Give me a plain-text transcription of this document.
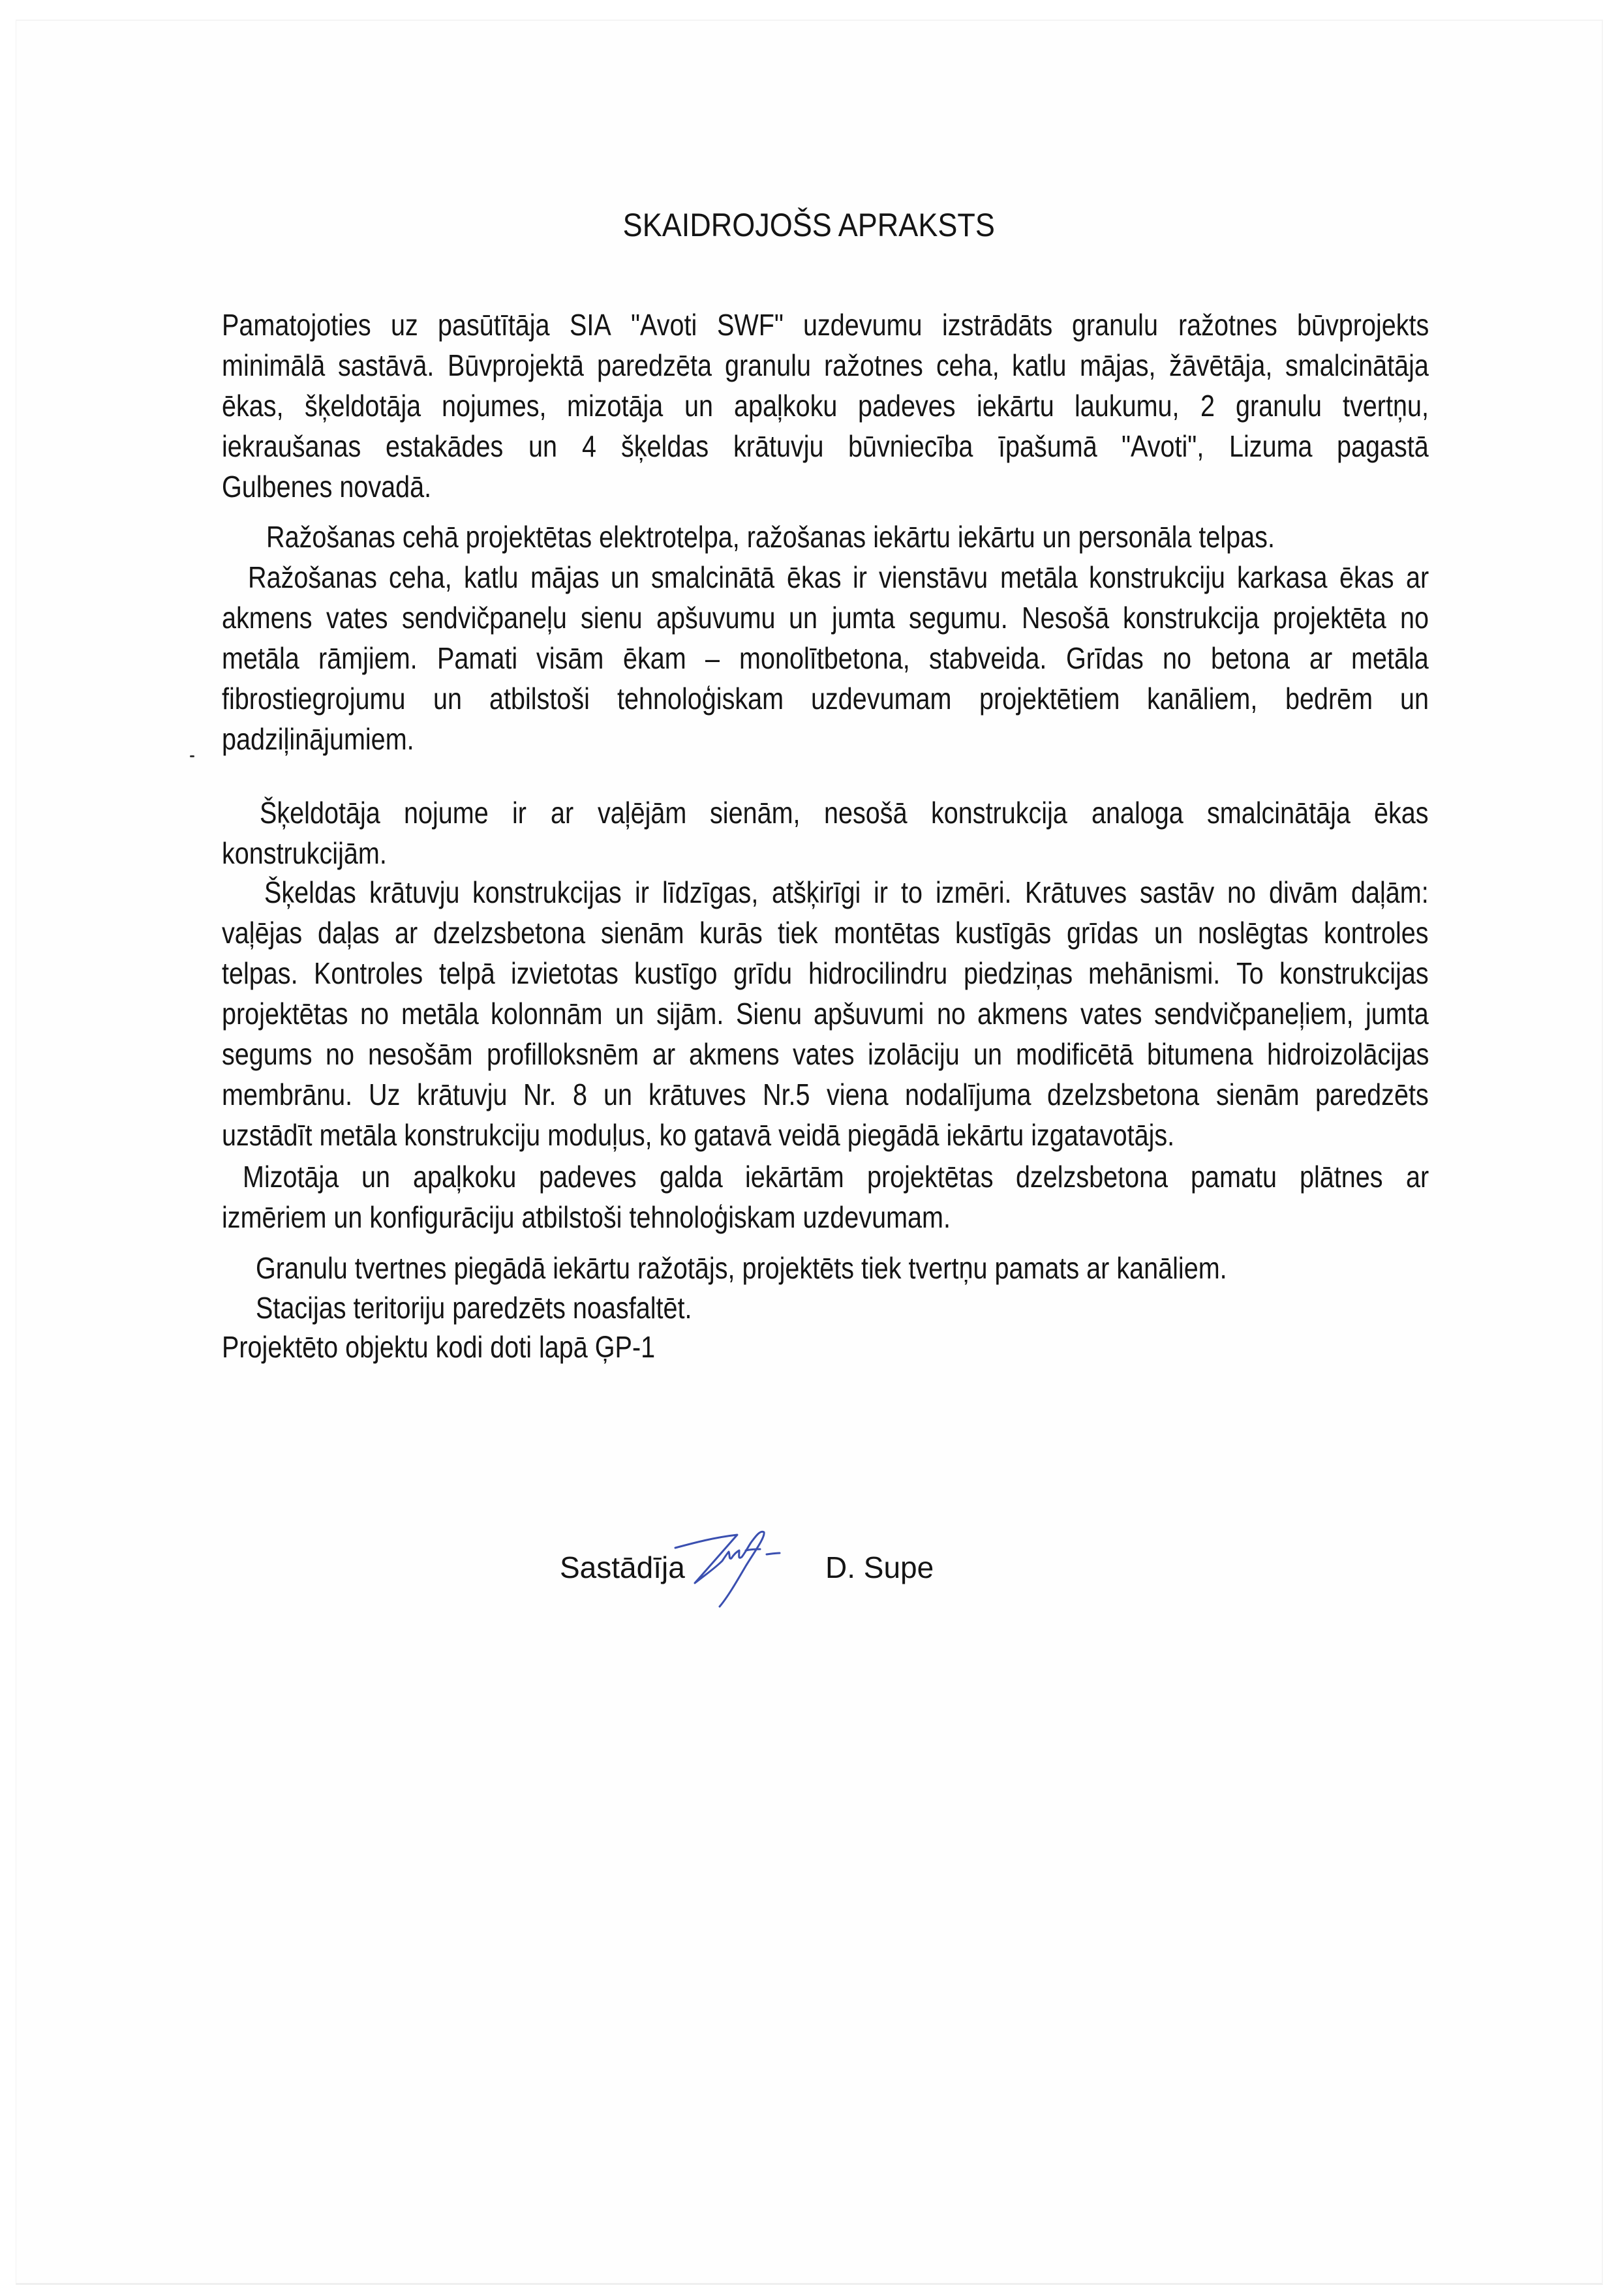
SKAIDROJOŠS APRAKSTS
Pamatojoties uz pasūtītāja SIA "Avoti SWF" uzdevumu izstrādāts granulu ražotnes būvprojekts
minimālā sastāvā. Būvprojektā paredzēta granulu ražotnes ceha, katlu mājas, žāvētāja, smalcinātāja
ēkas, šķeldotāja nojumes, mizotāja un apaļkoku padeves iekārtu laukumu, 2 granulu tvertņu,
iekraušanas estakādes un 4 šķeldas krātuvju būvniecība īpašumā "Avoti", Lizuma pagastā
Gulbenes novadā.
Ražošanas cehā projektētas elektrotelpa, ražošanas iekārtu iekārtu un personāla telpas.
Ražošanas ceha, katlu mājas un smalcinātā ēkas ir vienstāvu metāla konstrukciju karkasa ēkas ar
akmens vates sendvičpaneļu sienu apšuvumu un jumta segumu. Nesošā konstrukcija projektēta no
metāla rāmjiem. Pamati visām ēkam – monolītbetona, stabveida. Grīdas no betona ar metāla
fibrostiegrojumu un atbilstoši tehnoloģiskam uzdevumam projektētiem kanāliem, bedrēm un
padziļinājumiem.
Šķeldotāja nojume ir ar vaļējām sienām, nesošā konstrukcija analoga smalcinātāja ēkas
konstrukcijām.
Šķeldas krātuvju konstrukcijas ir līdzīgas, atšķirīgi ir to izmēri. Krātuves sastāv no divām daļām:
vaļējas daļas ar dzelzsbetona sienām kurās tiek montētas kustīgās grīdas un noslēgtas kontroles
telpas. Kontroles telpā izvietotas kustīgo grīdu hidrocilindru piedziņas mehānismi. To konstrukcijas
projektētas no metāla kolonnām un sijām. Sienu apšuvumi no akmens vates sendvičpaneļiem, jumta
segums no nesošām profilloksnēm ar akmens vates izolāciju un modificētā bitumena hidroizolācijas
membrānu. Uz krātuvju Nr. 8 un krātuves Nr.5 viena nodalījuma dzelzsbetona sienām paredzēts
uzstādīt metāla konstrukciju moduļus, ko gatavā veidā piegādā iekārtu izgatavotājs.
Mizotāja un apaļkoku padeves galda iekārtām projektētas dzelzsbetona pamatu plātnes ar
izmēriem un konfigurāciju atbilstoši tehnoloģiskam uzdevumam.
Granulu tvertnes piegādā iekārtu ražotājs, projektēts tiek tvertņu pamats ar kanāliem.
Stacijas teritoriju paredzēts noasfaltēt.
Projektēto objektu kodi doti lapā ĢP-1
Sastādīja	D. Supe
